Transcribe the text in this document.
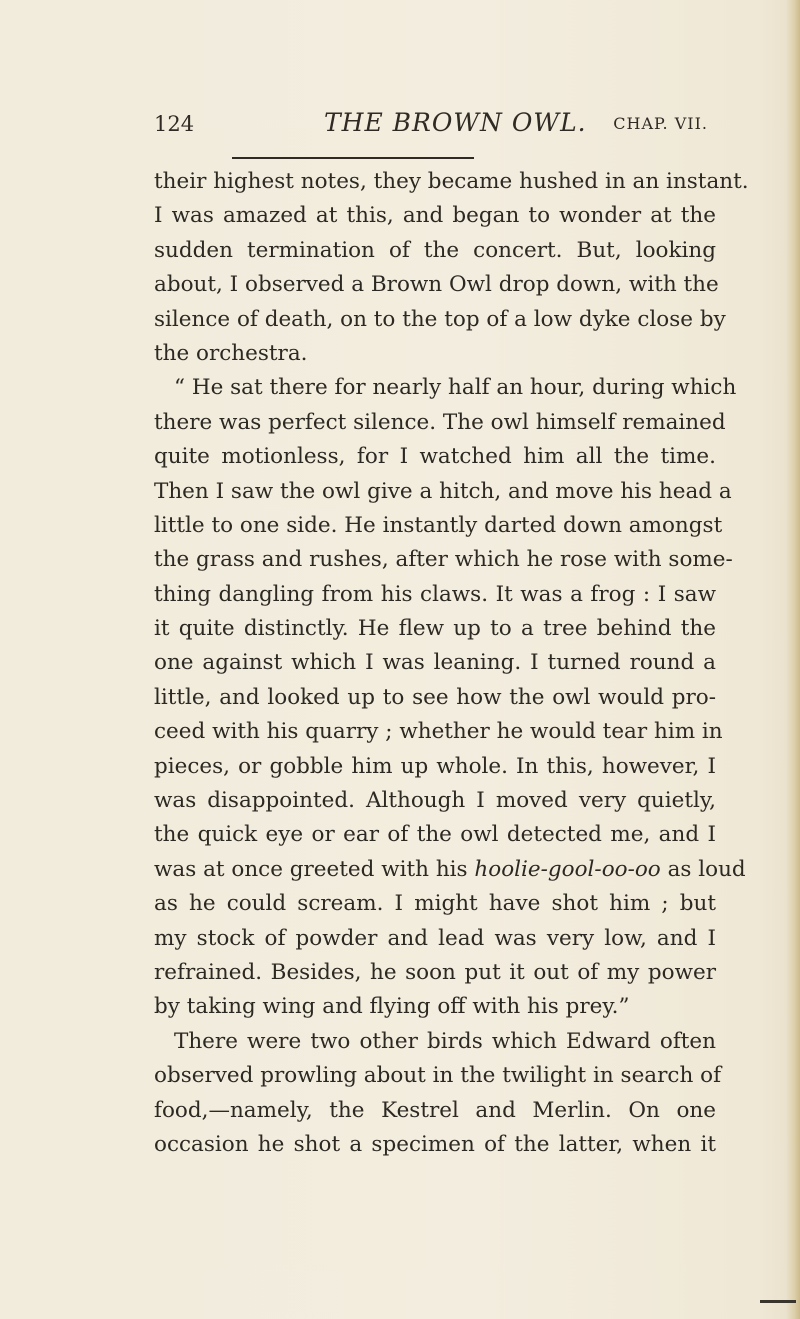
124	THE BROWN OWL. CHAP. VII.
their highest notes, they became hushed in an instant.
I was amazed at this, and began to wonder at the
sudden termination of the concert. But, looking
about, I observed a Brown Owl drop down, with the
silence of death, on to the top of a low dyke close by
the orchestra.
“ He sat there for nearly half an hour, during which
there was perfect silence. The owl himself remained
quite motionless, for I watched him all the time.
Then I saw the owl give a hitch, and move his head a
little to one side. He instantly darted down amongst
the grass and rushes, after which he rose with some-
thing dangling from his claws. It was a frog : I saw
it quite distinctly. He flew up to a tree behind the
one against which I was leaning. I turned round a
little, and looked up to see how the owl would pro-
ceed with his quarry ; whether he would tear him in
pieces, or gobble him up whole. In this, however, I
was disappointed. Although I moved very quietly,
the quick eye or ear of the owl detected me, and I
was at once greeted with his hoolie-gool-oo-oo as loud
as he could scream. I might have shot him ; but
my stock of powder and lead was very low, and I
refrained. Besides, he soon put it out of my power
by taking wing and flying off with his prey.”
There were two other birds which Edward often
observed prowling about in the twilight in search of
food,—namely, the Kestrel and Merlin. On one
occasion he shot a specimen of the latter, when it
